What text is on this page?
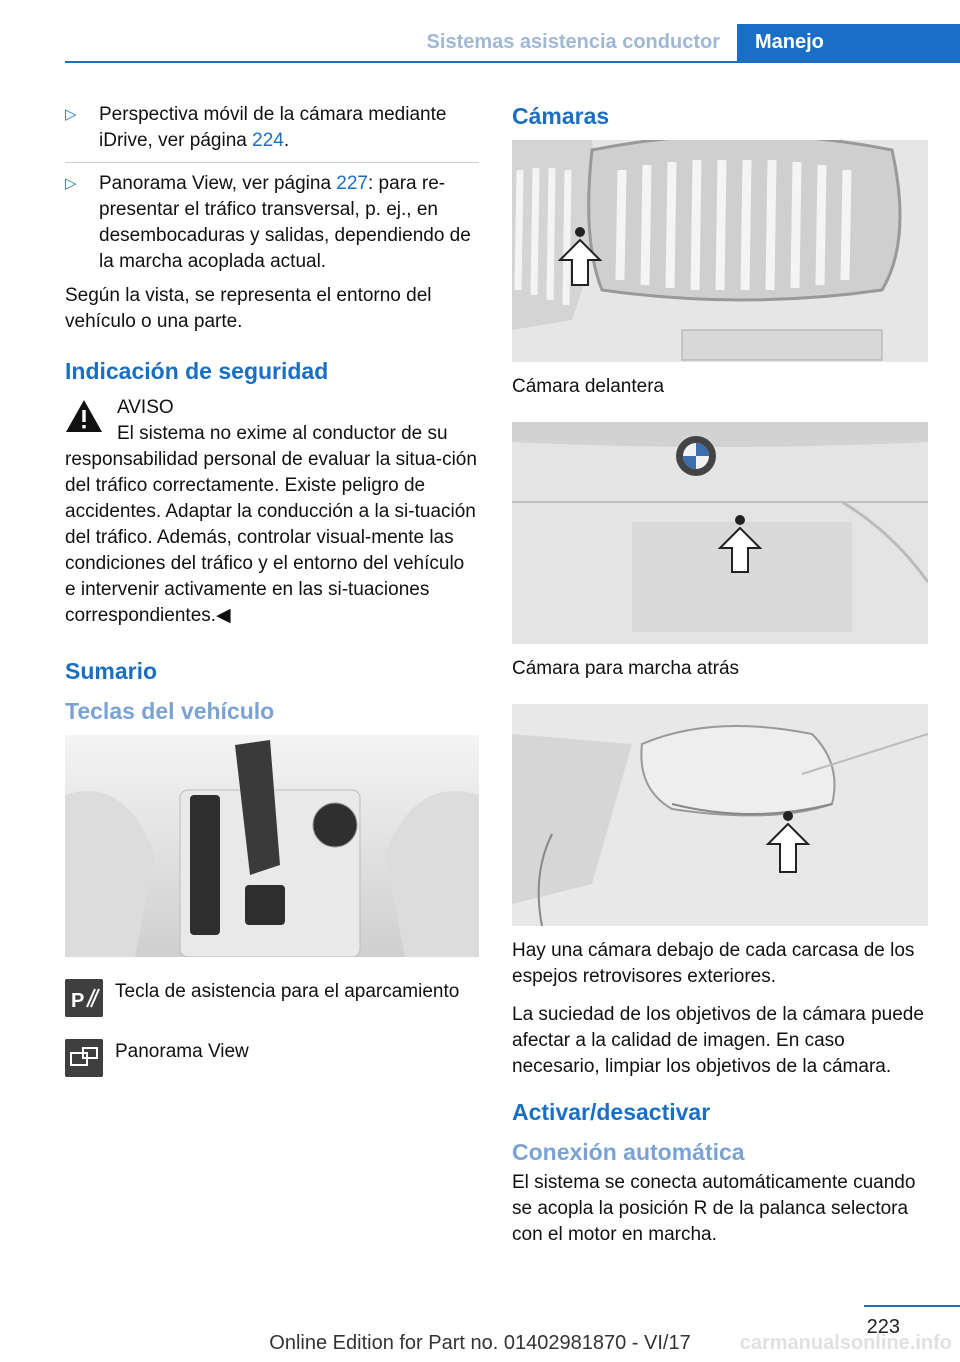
Sistemas asistencia conductor	Manejo
▷ Perspectiva móvil de la cámara mediante iDrive, ver página 224.
▷ Panorama View, ver página 227: para re‐presentar el tráfico transversal, p. ej., en desembocaduras y salidas, dependiendo de la marcha acoplada actual.

Según la vista, se representa el entorno del vehículo o una parte.

Indicación de seguridad
AVISO
El sistema no exime al conductor de su
responsabilidad personal de evaluar la situa‐ción del tráfico correctamente. Existe peligro de accidentes. Adaptar la conducción a la si‐tuación del tráfico. Además, controlar visual‐mente las condiciones del tráfico y el entorno del vehículo e intervenir activamente en las si‐tuaciones correspondientes.◀
Sumario
Teclas del vehículo
P Tecla de asistencia para el aparcamiento
Panorama View
Cámaras

Cámara delantera

Cámara para marcha atrás

Hay una cámara debajo de cada carcasa de los espejos retrovisores exteriores.

La suciedad de los objetivos de la cámara puede afectar a la calidad de imagen. En caso necesario, limpiar los objetivos de la cámara.

Activar/desactivar
Conexión automática

El sistema se conecta automáticamente cuando se acopla la posición R de la palanca selectora con el motor en marcha.

223
Online Edition for Part no. 01402981870 - VI/17	carmanualsonline.info
